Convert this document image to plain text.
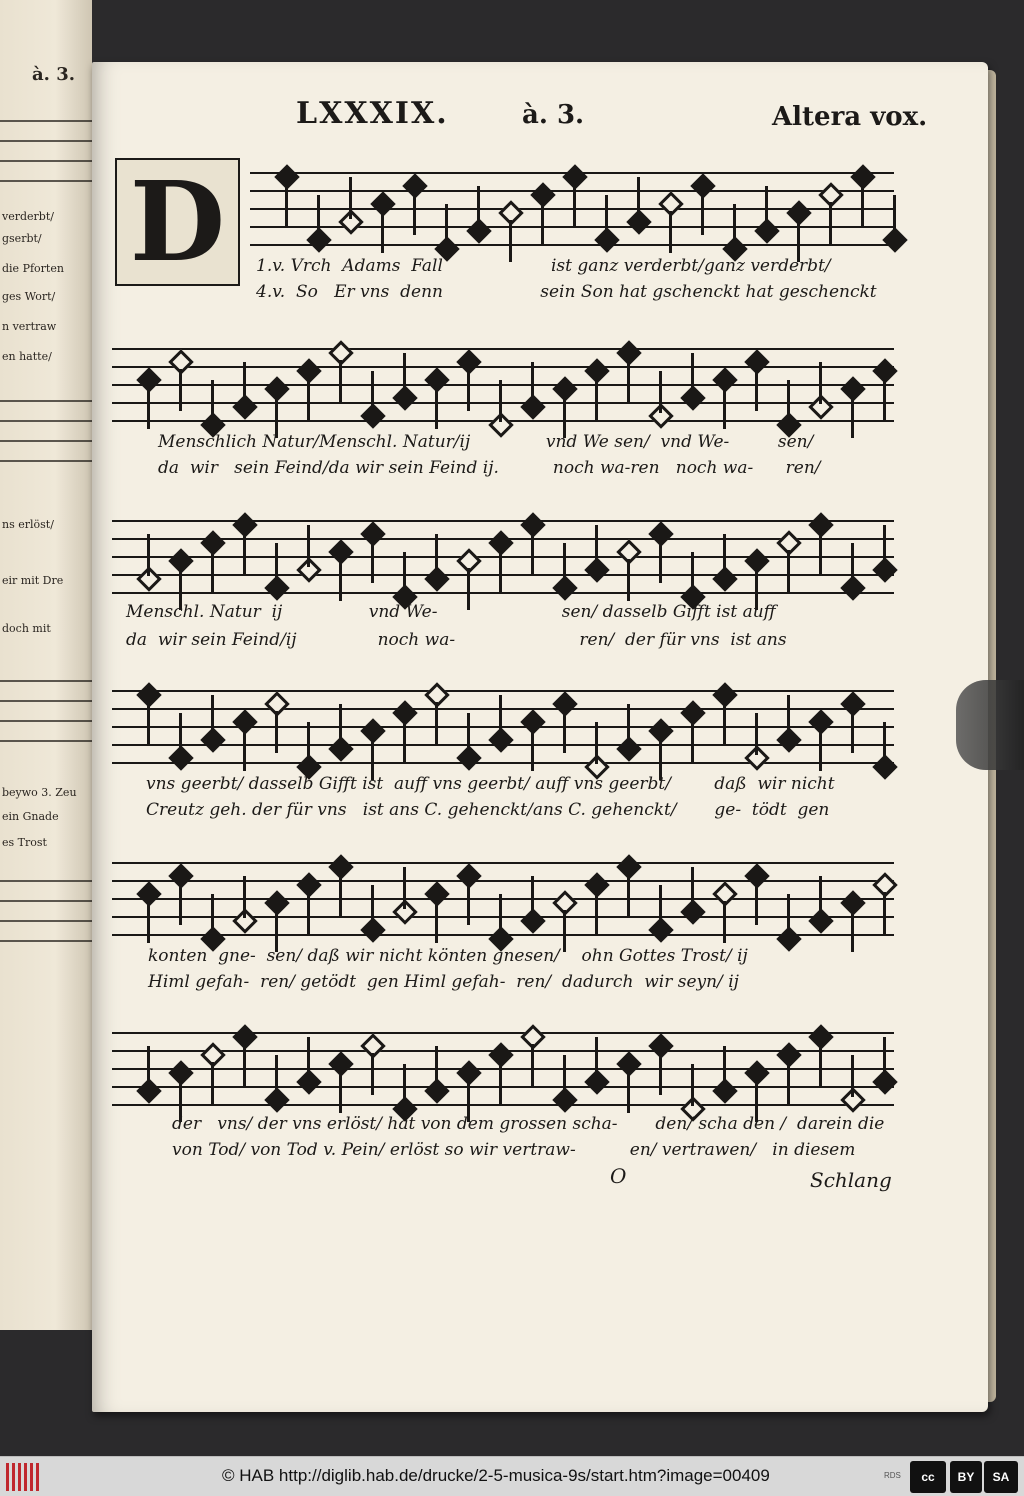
à. 3.
verderbt/
gserbt/
die Pforten
ges Wort/
n vertraw
en hatte/
ns erlöst/
eir mit Dre
doch mit
beywo 3. Zeu
ein Gnade
es Trost
LXXXIX.	à. 3.	Altera vox.
D	1.v. Vrch  Adams  Fall                    ist ganz verderbt/ganz verderbt/
4.v.  So   Er vns  denn                  sein Son hat gschenckt hat geschenckt
Menschlich Natur/Menschl. Natur/ij              vnd We sen/  vnd We-         sen/
da  wir   sein Feind/da wir sein Feind ij.          noch wa-ren   noch wa-      ren/
Menschl. Natur  ij                vnd We-                       sen/ dasselb Gifft ist auff
da  wir sein Feind/ij               noch wa-                       ren/  der für vns  ist ans
vns geerbt/ dasselb Gifft ist  auff vns geerbt/ auff vns geerbt/        daß  wir nicht
Creutz geh. der für vns   ist ans C. gehenckt/ans C. gehenckt/       ge-  tödt  gen
konten  gne-  sen/ daß wir nicht könten gnesen/    ohn Gottes Trost/ ij
Himl gefah-  ren/ getödt  gen Himl gefah-  ren/  dadurch  wir seyn/ ij
der   vns/ der vns erlöst/ hat von dem grossen scha-       den/ scha den /  darein die
von Tod/ von Tod v. Pein/ erlöst so wir vertraw-          en/ vertrawen/   in diesem
O	Schlang
© HAB http://diglib.hab.de/drucke/2-5-musica-9s/start.htm?image=00409	RDS	cc	BY	SA
